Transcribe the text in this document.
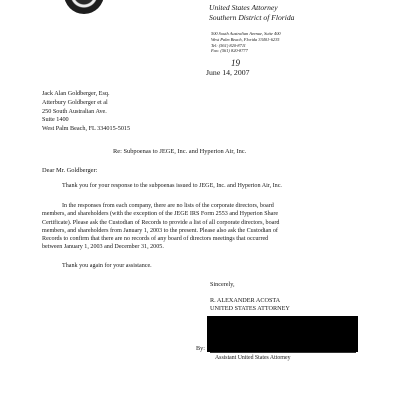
United States Attorney
Southern District of Florida
500 South Australian Avenue, Suite 400
West Palm Beach, Florida 33401-6235
Tel: (561) 820-8711
Fax: (561) 820-8777
19
June 14, 2007
Jack Alan Goldberger, Esq.
Atterbury Goldberger et al
250 South Australian Ave.
Suite 1400
West Palm Beach, FL 334015-5015
Re: Subpoenas to JEGE, Inc. and Hyperion Air, Inc.
Dear Mr. Goldberger:
Thank you for your response to the subpoenas issued to JEGE, Inc. and Hyperion Air, Inc.
In the responses from each company, there are no lists of the corporate directors, board
members, and shareholders (with the exception of the JEGE IRS Form 2553 and Hyperion Share
Certificate). Please ask the Custodian of Records to provide a list of all corporate directors, board
members, and shareholders from January 1, 2003 to the present. Please also ask the Custodian of
Records to confirm that there are no records of any board of directors meetings that occurred
between January 1, 2003 and December 31, 2005.
Thank you again for your assistance.
Sincerely,
R. ALEXANDER ACOSTA
UNITED STATES ATTORNEY
By:
Assistant United States Attorney
